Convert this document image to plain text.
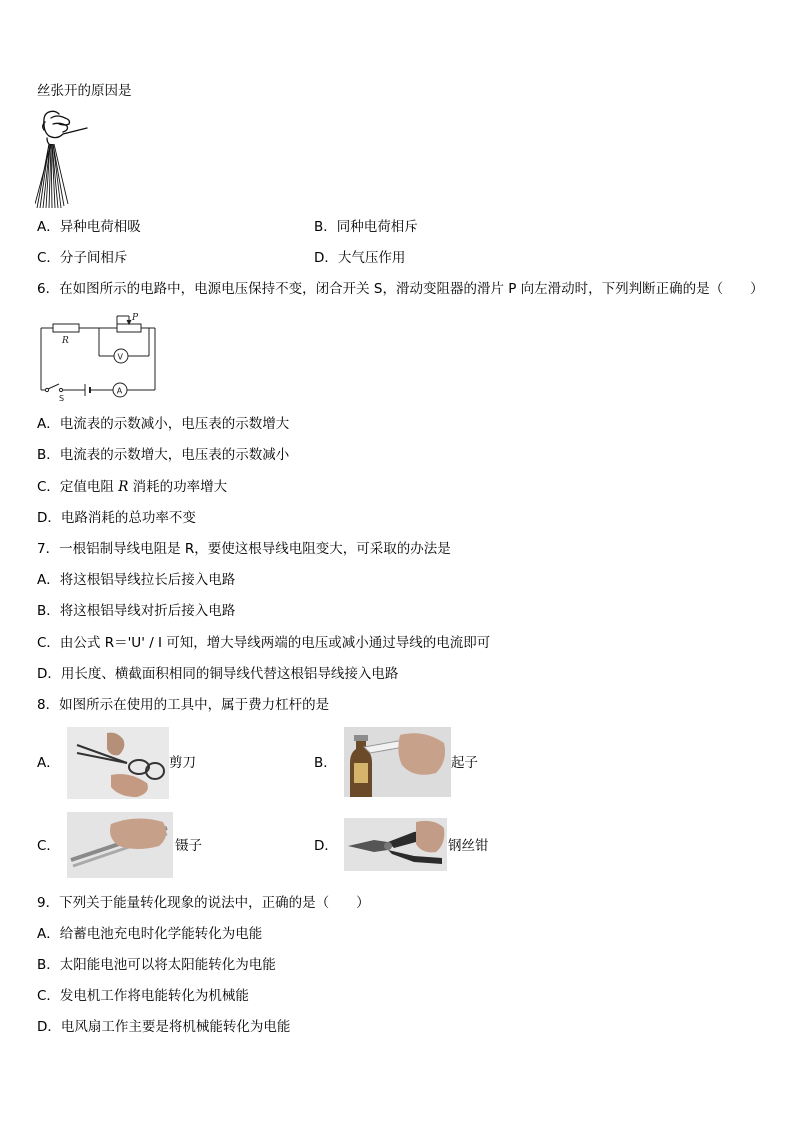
丝张开的原因是
A．异种电荷相吸	B．同种电荷相斥
C．分子间相斥	D．大气压作用
6．在如图所示的电路中，电源电压保持不变，闭合开关 S，滑动变阻器的滑片 P 向左滑动时，下列判断正确的是（　　）
R
P
V
A
S
A．电流表的示数减小，电压表的示数增大
B．电流表的示数增大，电压表的示数减小
C．定值电阻 R 消耗的功率增大
D．电路消耗的总功率不变
7．一根铝制导线电阻是 R，要使这根导线电阻变大，可采取的办法是
A．将这根铝导线拉长后接入电路
B．将这根铝导线对折后接入电路
C．由公式 R＝'U' / I 可知，增大导线两端的电压或减小通过导线的电流即可
D．用长度、横截面积相同的铜导线代替这根铝导线接入电路
8．如图所示在使用的工具中，属于费力杠杆的是
A．	剪刀	B．	起子
C．	镊子	D．	钢丝钳
9．下列关于能量转化现象的说法中，正确的是（　　）
A．给蓄电池充电时化学能转化为电能
B．太阳能电池可以将太阳能转化为电能
C．发电机工作将电能转化为机械能
D．电风扇工作主要是将机械能转化为电能
